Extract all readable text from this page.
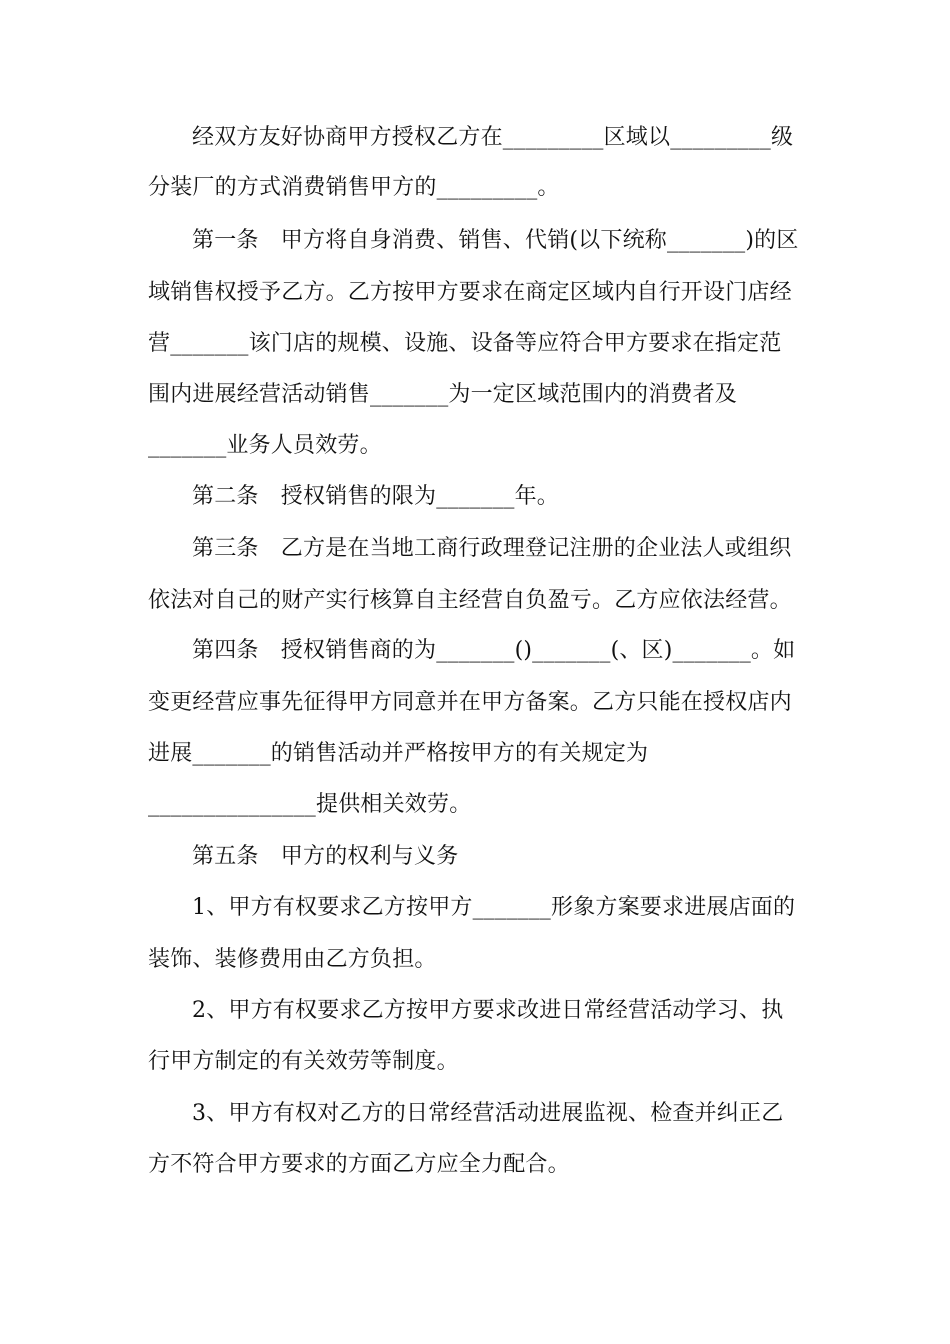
经双方友好协商甲方授权乙方在_________区域以_________级
分装厂的方式消费销售甲方的_________。
第一条　甲方将自身消费、销售、代销(以下统称_______)的区
域销售权授予乙方。乙方按甲方要求在商定区域内自行开设门店经
营_______该门店的规模、设施、设备等应符合甲方要求在指定范
围内进展经营活动销售_______为一定区域范围内的消费者及
_______业务人员效劳。
第二条　授权销售的限为_______年。
第三条　乙方是在当地工商行政理登记注册的企业法人或组织
依法对自己的财产实行核算自主经营自负盈亏。乙方应依法经营。
第四条　授权销售商的为_______()_______(、区)_______。如
变更经营应事先征得甲方同意并在甲方备案。乙方只能在授权店内
进展_______的销售活动并严格按甲方的有关规定为
_______________提供相关效劳。
第五条　甲方的权利与义务
1、甲方有权要求乙方按甲方_______形象方案要求进展店面的
装饰、装修费用由乙方负担。
2、甲方有权要求乙方按甲方要求改进日常经营活动学习、执
行甲方制定的有关效劳等制度。
3、甲方有权对乙方的日常经营活动进展监视、检查并纠正乙
方不符合甲方要求的方面乙方应全力配合。
